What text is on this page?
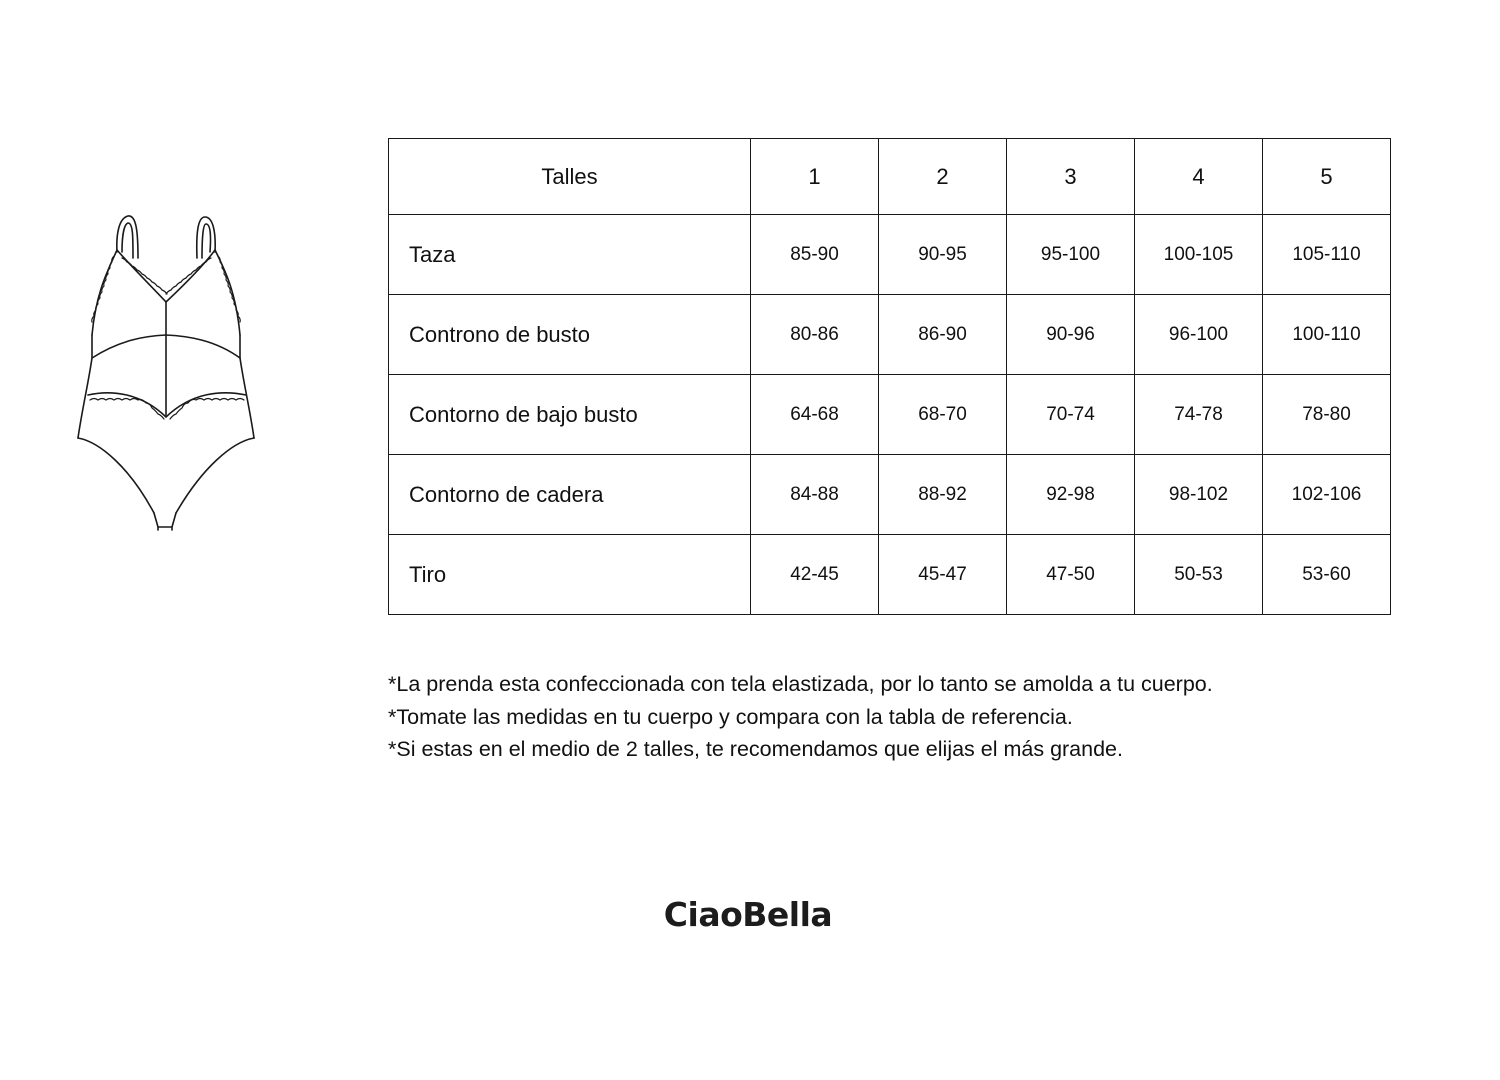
Talles	1	2	3	4	5
Taza	85-90	90-95	95-100	100-105	105-110
Controno de busto	80-86	86-90	90-96	96-100	100-110
Contorno de bajo busto	64-68	68-70	70-74	74-78	78-80
Contorno de cadera	84-88	88-92	92-98	98-102	102-106
Tiro	42-45	45-47	47-50	50-53	53-60

*La prenda esta confeccionada con tela elastizada, por lo tanto se amolda a tu cuerpo.

*Tomate las medidas en tu cuerpo y compara con la tabla de referencia.

*Si estas en el medio de 2 talles, te recomendamos que elijas el más grande.

CiaoBella
